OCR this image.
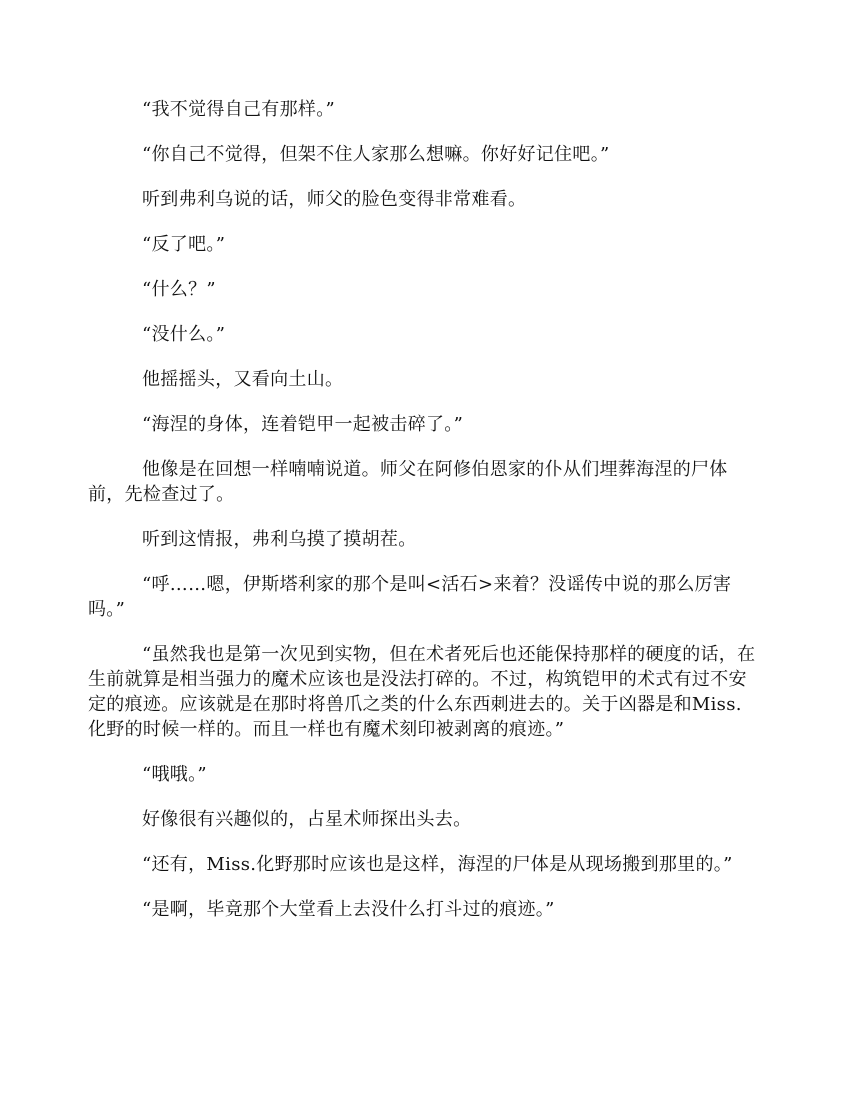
“我不觉得自己有那样。”

“你自己不觉得，但架不住人家那么想嘛。你好好记住吧。”

听到弗利乌说的话，师父的脸色变得非常难看。

“反了吧。”

“什么？”

“没什么。”

他摇摇头，又看向土山。

“海涅的身体，连着铠甲一起被击碎了。”

他像是在回想一样喃喃说道。师父在阿修伯恩家的仆从们埋葬海涅的尸体前，先检查过了。

听到这情报，弗利乌摸了摸胡茬。

“呼……嗯，伊斯塔利家的那个是叫<活石>来着？没谣传中说的那么厉害吗。”

“虽然我也是第一次见到实物，但在术者死后也还能保持那样的硬度的话，在生前就算是相当强力的魔术应该也是没法打碎的。不过，构筑铠甲的术式有过不安定的痕迹。应该就是在那时将兽爪之类的什么东西刺进去的。关于凶器是和Miss.化野的时候一样的。而且一样也有魔术刻印被剥离的痕迹。”

“哦哦。”

好像很有兴趣似的，占星术师探出头去。

“还有，Miss.化野那时应该也是这样，海涅的尸体是从现场搬到那里的。”

“是啊，毕竟那个大堂看上去没什么打斗过的痕迹。”
